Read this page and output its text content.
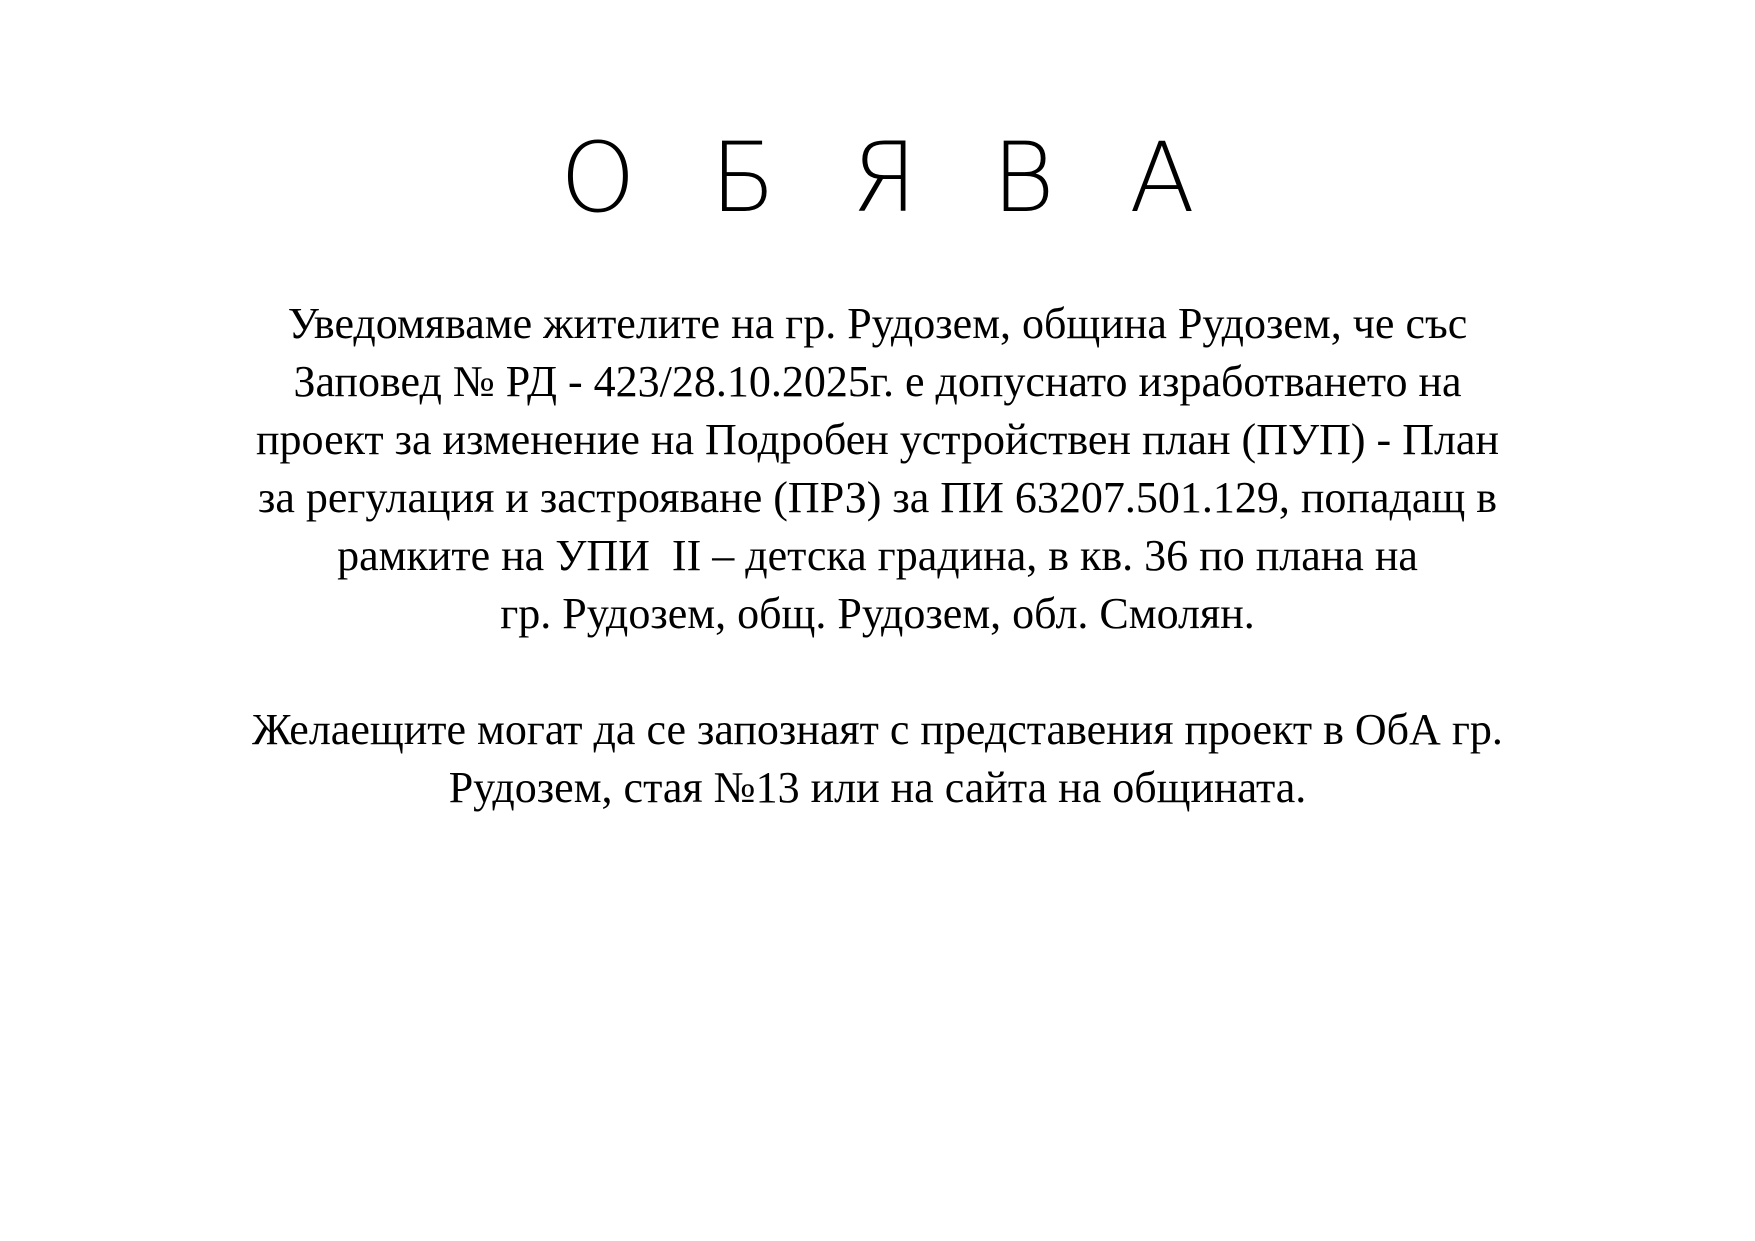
О Б Я В А
Уведомяваме жителите на гр. Рудозем, община Рудозем, че със
Заповед № РД - 423/28.10.2025г. е допуснато изработването на
проект за изменение на Подробен устройствен план (ПУП) - План
за регулация и застрояване (ПРЗ) за ПИ 63207.501.129, попадащ в
рамките на УПИ  II – детска градина, в кв. 36 по плана на
гр. Рудозем, общ. Рудозем, обл. Смолян.
Желаещите могат да се запознаят с представения проект в ОбА гр.
Рудозем, стая №13 или на сайта на общината.
